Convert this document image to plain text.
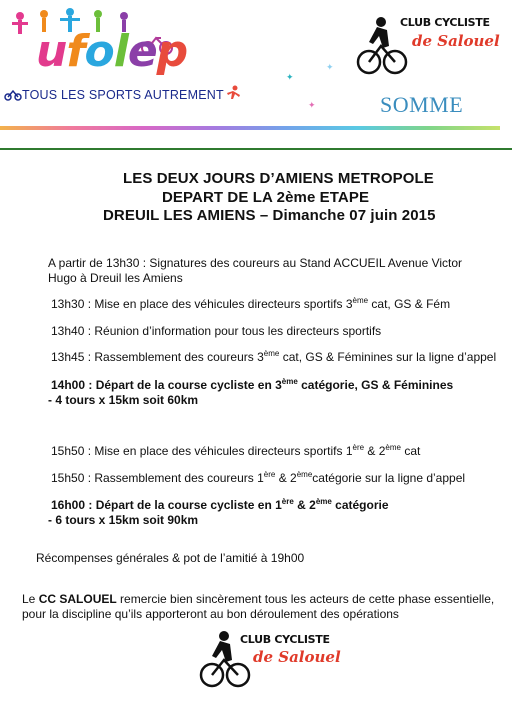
ufolep
TOUS LES SPORTS AUTREMENT
✦
✦
✦
CLUB CYCLISTE
de Salouel
SOMME
LES DEUX JOURS D’AMIENS METROPOLE
DEPART DE LA 2ème ETAPE
DREUIL LES AMIENS – Dimanche 07 juin 2015
A partir de 13h30 : Signatures des coureurs au Stand ACCUEIL Avenue Victor
Hugo à Dreuil les Amiens
13h30 : Mise en place des véhicules directeurs sportifs 3ème cat, GS & Fém
13h40 : Réunion d’information pour tous les directeurs sportifs
13h45 : Rassemblement des coureurs 3ème cat, GS & Féminines sur la ligne d’appel
14h00 : Départ de la course cycliste en 3ème catégorie, GS & Féminines
- 4 tours x 15km soit 60km
15h50 : Mise en place des véhicules directeurs sportifs 1ère & 2ème cat
15h50 : Rassemblement des coureurs 1ère & 2èmecatégorie sur la ligne d’appel
16h00 : Départ de la course cycliste en 1ère & 2ème catégorie
- 6 tours x 15km soit 90km
Récompenses générales & pot de l’amitié à 19h00
Le CC SALOUEL remercie bien sincèrement tous les acteurs de cette phase essentielle,
pour la discipline qu’ils apporteront au bon déroulement des opérations
CLUB CYCLISTE
de Salouel
